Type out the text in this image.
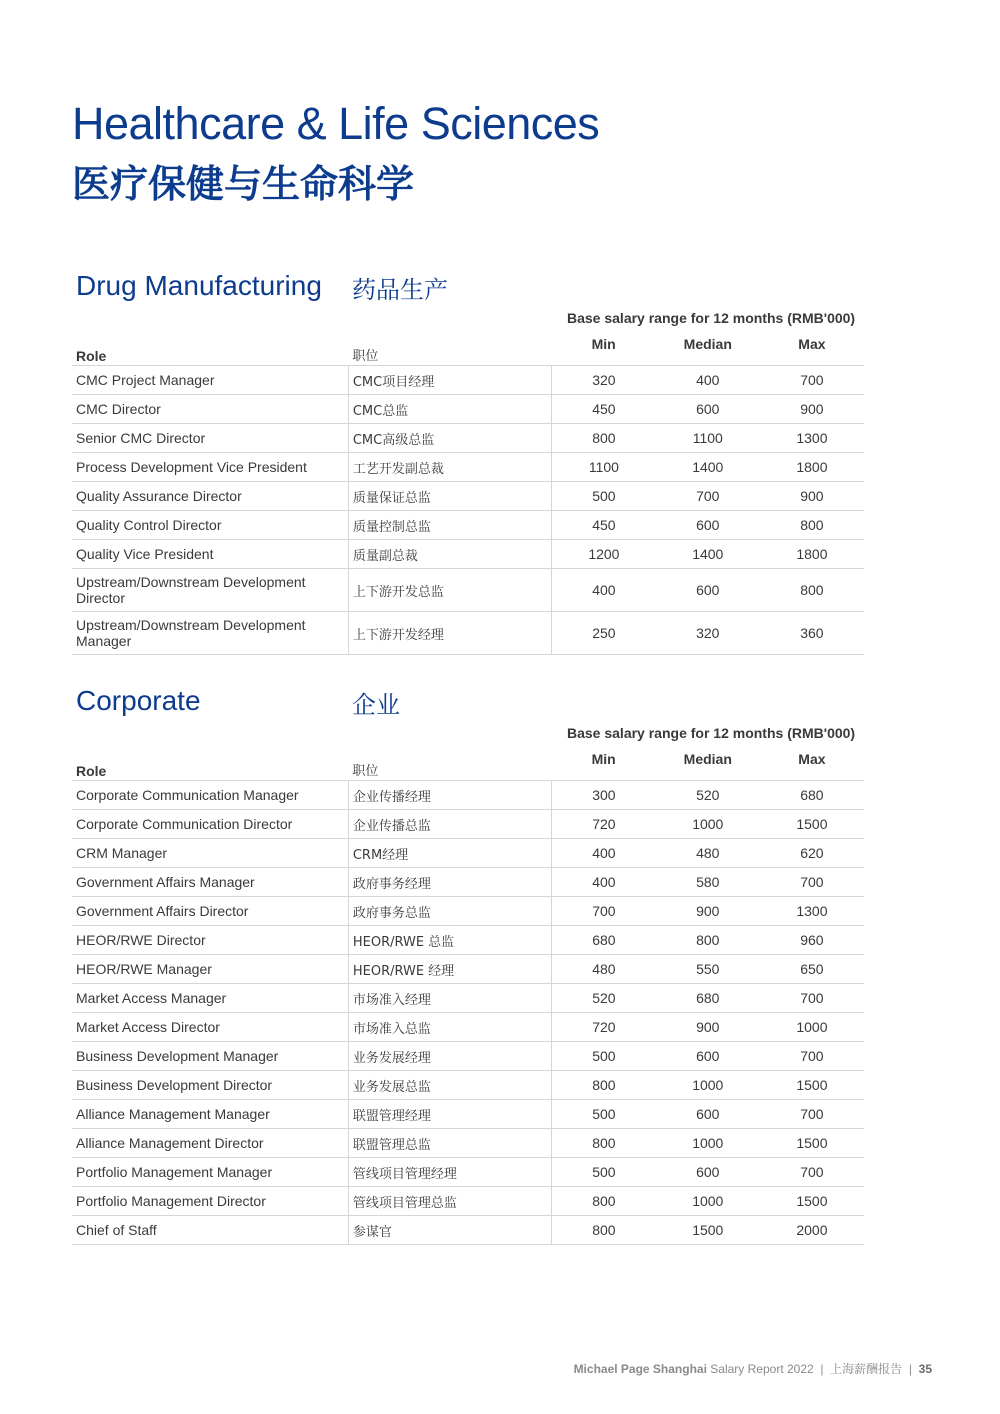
Healthcare & Life Sciences
医疗保健与生命科学
Drug Manufacturing 药品生产
Base salary range for 12 months (RMB'000)
Role	职位	Min	Median	Max
CMC Project Manager	CMC项目经理	320	400	700
CMC Director	CMC总监	450	600	900
Senior CMC Director	CMC高级总监	800	1100	1300
Process Development Vice President	工艺开发副总裁	1100	1400	1800
Quality Assurance Director	质量保证总监	500	700	900
Quality Control Director	质量控制总监	450	600	800
Quality Vice President	质量副总裁	1200	1400	1800
Upstream/Downstream Development
Director	上下游开发总监	400	600	800
Upstream/Downstream Development
Manager	上下游开发经理	250	320	360
Corporate	企业
Base salary range for 12 months (RMB'000)
Role	职位	Min	Median	Max
Corporate Communication Manager	企业传播经理	300	520	680
Corporate Communication Director	企业传播总监	720	1000	1500
CRM Manager	CRM经理	400	480	620
Government Affairs Manager	政府事务经理	400	580	700
Government Affairs Director	政府事务总监	700	900	1300
HEOR/RWE Director	HEOR/RWE 总监	680	800	960
HEOR/RWE Manager	HEOR/RWE 经理	480	550	650
Market Access Manager	市场准入经理	520	680	700
Market Access Director	市场准入总监	720	900	1000
Business Development Manager	业务发展经理	500	600	700
Business Development Director	业务发展总监	800	1000	1500
Alliance Management Manager	联盟管理经理	500	600	700
Alliance Management Director	联盟管理总监	800	1000	1500
Portfolio Management Manager	管线项目管理经理	500	600	700
Portfolio Management Director	管线项目管理总监	800	1000	1500
Chief of Staff	参谋官	800	1500	2000
Michael Page Shanghai Salary Report 2022 | 上海薪酬报告 | 35
